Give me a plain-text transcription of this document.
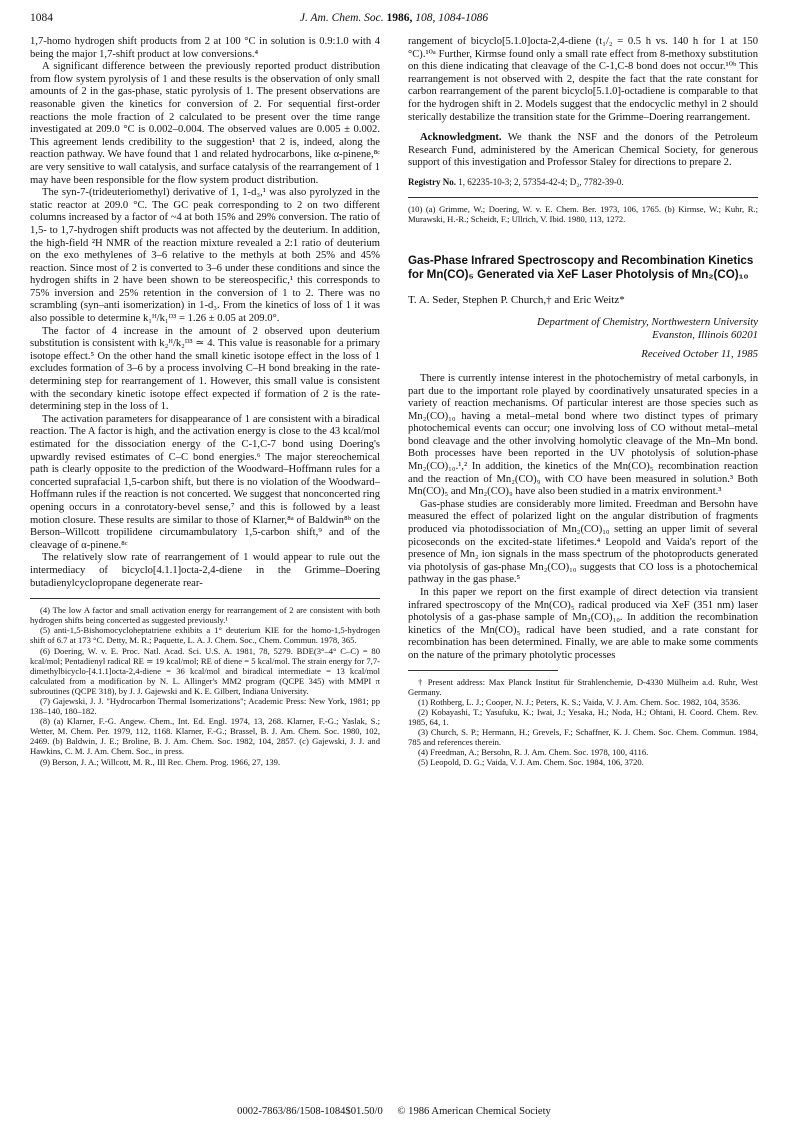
1084	J. Am. Chem. Soc. 1986, 108, 1084-1086

1,7-homo hydrogen shift products from 2 at 100 °C in solution is 0.9:1.0 with 4 being the major 1,7-shift product at low conversions.⁴

A significant difference between the previously reported product distribution from flow system pyrolysis of 1 and these results is the observation of only small amounts of 2 in the gas-phase, static pyrolysis of 1. The present observations are reasonable given the kinetics for conversion of 2. For sequential first-order reactions the mole fraction of 2 calculated to be present over the time range investigated at 209.0 °C is 0.002–0.004. The observed values are 0.005 ± 0.002. This agreement lends credibility to the suggestion¹ that 2 is, indeed, along the reaction pathway. We have found that 1 and related hydrocarbons, like α-pinene,⁸ᶜ are very sensitive to wall catalysis, and surface catalysis of the rearrangement of 1 may have been responsible for the flow system product distribution.

The syn-7-(trideuteriomethyl) derivative of 1, 1-d₃,¹ was also pyrolyzed in the static reactor at 209.0 °C. The GC peak corresponding to 2 on two different columns increased by a factor of ~4 at both 15% and 29% conversion. The ratio of 1,5- to 1,7-hydrogen shift products was not affected by the deuterium. In addition, the high-field ²H NMR of the reaction mixture revealed a 2:1 ratio of deuterium on the exo methylenes of 3–6 relative to the methyls at both 25% and 45% reaction. Since most of 2 is converted to 3–6 under these conditions and since the hydrogen shifts in 2 have been shown to be stereospecific,¹ this corresponds to 75% inversion and 25% retention in the conversion of 1 to 2. There was no scrambling (syn–anti isomerization) in 1-d₃. From the kinetics of loss of 1 it was also possible to determine k₁ᴴ/k₁ᴰ³ = 1.26 ± 0.05 at 209.0°.

The factor of 4 increase in the amount of 2 observed upon deuterium substitution is consistent with k₂ᴴ/k₂ᴰ³ ≃ 4. This value is reasonable for a primary isotope effect.⁵ On the other hand the small kinetic isotope effect in the loss of 1 excludes formation of 3–6 by a process involving C–H bond breaking in the rate-determining step for rearrangement of 1. However, this small value is consistent with the secondary kinetic isotope effect expected if formation of 2 is the rate-determining step in the loss of 1.

The activation parameters for disappearance of 1 are consistent with a biradical reaction. The A factor is high, and the activation energy is close to the 43 kcal/mol estimated for the dissociation energy of the C-1,C-7 bond using Doering's upwardly revised estimates of C–C bond energies.⁶ The major stereochemical path is clearly opposite to the prediction of the Woodward–Hoffmann rules for a concerted suprafacial 1,5-carbon shift, but there is no violation of the Woodward–Hoffmann rules if the reaction is not concerted. We suggest that nonconcerted ring opening occurs in a conrotatory-bevel sense,⁷ and this is followed by a least motion closure. These results are similar to those of Klarner,⁸ᵃ of Baldwin⁸ᵇ on the Berson–Willcott tropilidene circumambulatory 1,5-carbon shift,⁹ and of the cleavage of α-pinene.⁸ᶜ

The relatively slow rate of rearrangement of 1 would appear to rule out the intermediacy of bicyclo[4.1.1]octa-2,4-diene in the Grimme–Doering butadienylcyclopropane degenerate rear-

(4) The low A factor and small activation energy for rearrangement of 2 are consistent with both hydrogen shifts being concerted as suggested previously.¹

(5) anti-1,5-Bishomocycloheptatriene exhibits a 1° deuterium KIE for the homo-1,5-hydrogen shift of 6.7 at 173 °C. Detty, M. R.; Paquette, L. A. J. Chem. Soc., Chem. Commun. 1978, 365.

(6) Doering, W. v. E. Proc. Natl. Acad. Sci. U.S. A. 1981, 78, 5279. BDE(3°–4° C–C) = 80 kcal/mol; Pentadienyl radical RE ≃ 19 kcal/mol; RE of diene = 5 kcal/mol. The strain energy for 7,7-dimethylbicyclo-[4.1.1]octa-2,4-diene = 36 kcal/mol and biradical intermediate = 13 kcal/mol calculated from a modification by N. L. Allinger's MM2 program (QCPE 345) with MMPI π subroutines (QCPE 318), by J. J. Gajewski and K. E. Gilbert, Indiana University.

(7) Gajewski, J. J. "Hydrocarbon Thermal Isomerizations"; Academic Press: New York, 1981; pp 138–140, 180–182.

(8) (a) Klarner, F.-G. Angew. Chem., Int. Ed. Engl. 1974, 13, 268. Klarner, F.-G.; Yaslak, S.; Wetter, M. Chem. Per. 1979, 112, 1168. Klarner, F.-G.; Brassel, B. J. Am. Chem. Soc. 1980, 102, 2469. (b) Baldwin, J. E.; Broline, B. J. Am. Chem. Soc. 1982, 104, 2857. (c) Gajewski, J. J. and Hawkins, C. M. J. Am. Chem. Soc., in press.

(9) Berson, J. A.; Willcott, M. R., III Rec. Chem. Prog. 1966, 27, 139.

rangement of bicyclo[5.1.0]octa-2,4-diene (t₁/₂ = 0.5 h vs. 140 h for 1 at 150 °C).¹⁰ᵃ Further, Kirmse found only a small rate effect from 8-methoxy substitution on this diene indicating that cleavage of the C-1,C-8 bond does not occur.¹⁰ᵇ This rearrangement is not observed with 2, despite the fact that the rate constant for carbon rearrangement of the parent bicyclo[5.1.0]-octadiene is comparable to that for the hydrogen shift in 2. Models suggest that the endocyclic methyl in 2 should sterically destabilize the transition state for the Grimme–Doering rearrangement.

Acknowledgment. We thank the NSF and the donors of the Petroleum Research Fund, administered by the American Chemical Society, for generous support of this investigation and Professor Staley for directions to prepare 2.

Registry No. 1, 62235-10-3; 2, 57354-42-4; D₂, 7782-39-0.

(10) (a) Grimme, W.; Doering, W. v. E. Chem. Ber. 1973, 106, 1765. (b) Kirmse, W.; Kuhr, R.; Murawski, H.-R.; Scheidt, F.; Ullrich, V. Ibid. 1980, 113, 1272.

Gas-Phase Infrared Spectroscopy and Recombination Kinetics for Mn(CO)₅ Generated via XeF Laser Photolysis of Mn₂(CO)₁₀

T. A. Seder, Stephen P. Church,† and Eric Weitz*

Department of Chemistry, Northwestern University
Evanston, Illinois 60201

Received October 11, 1985

There is currently intense interest in the photochemistry of metal carbonyls, in part due to the important role played by coordinatively unsaturated species in a variety of reaction mechanisms. Of particular interest are those species such as Mn₂(CO)₁₀ having a metal–metal bond where two distinct types of primary photochemical events can occur; one involving loss of CO without metal–metal bond cleavage and the other involving homolytic cleavage of the Mn–Mn bond. Both processes have been reported in the UV photolysis of solution-phase Mn₂(CO)₁₀.¹,² In addition, the kinetics of the Mn(CO)₅ recombination reaction and the reaction of Mn₂(CO)₉ with CO have been measured in solution.³ Both Mn(CO)₅ and Mn₂(CO)₉ have also been studied in a matrix environment.³

Gas-phase studies are considerably more limited. Freedman and Bersohn have measured the effect of polarized light on the angular distribution of fragments produced via photodissociation of Mn₂(CO)₁₀ setting an upper limit of several picoseconds on the excited-state lifetimes.⁴ Leopold and Vaida's report of the presence of Mn₂ ion signals in the mass spectrum of the photoproducts generated via photolysis of gas-phase Mn₂(CO)₁₀ suggests that CO loss is a photochemical pathway in the gas phase.⁵

In this paper we report on the first example of direct detection via transient infrared spectroscopy of the Mn(CO)₅ radical produced via XeF (351 nm) laser photolysis of a gas-phase sample of Mn₂(CO)₁₀. In addition the recombination kinetics of the Mn(CO)₅ radical have been studied, and a rate constant for recombination has been determined. Finally, we are able to make some comments on the nature of the primary photolytic processes

† Present address: Max Planck Institut für Strahlenchemie, D-4330 Mülheim a.d. Ruhr, West Germany.

(1) Rothberg, L. J.; Cooper, N. J.; Peters, K. S.; Vaida, V. J. Am. Chem. Soc. 1982, 104, 3536.

(2) Kobayashi, T.; Yasufuku, K.; Iwai, J.; Yesaka, H.; Noda, H.; Ohtani, H. Coord. Chem. Rev. 1985, 64, 1.

(3) Church, S. P.; Hermann, H.; Grevels, F.; Schaffner, K. J. Chem. Soc. Chem. Commun. 1984, 785 and references therein.

(4) Freedman, A.; Bersohn, R. J. Am. Chem. Soc. 1978, 100, 4116.

(5) Leopold, D. G.; Vaida, V. J. Am. Chem. Soc. 1984, 106, 3720.

0002-7863/86/1508-1084$01.50/0 © 1986 American Chemical Society
